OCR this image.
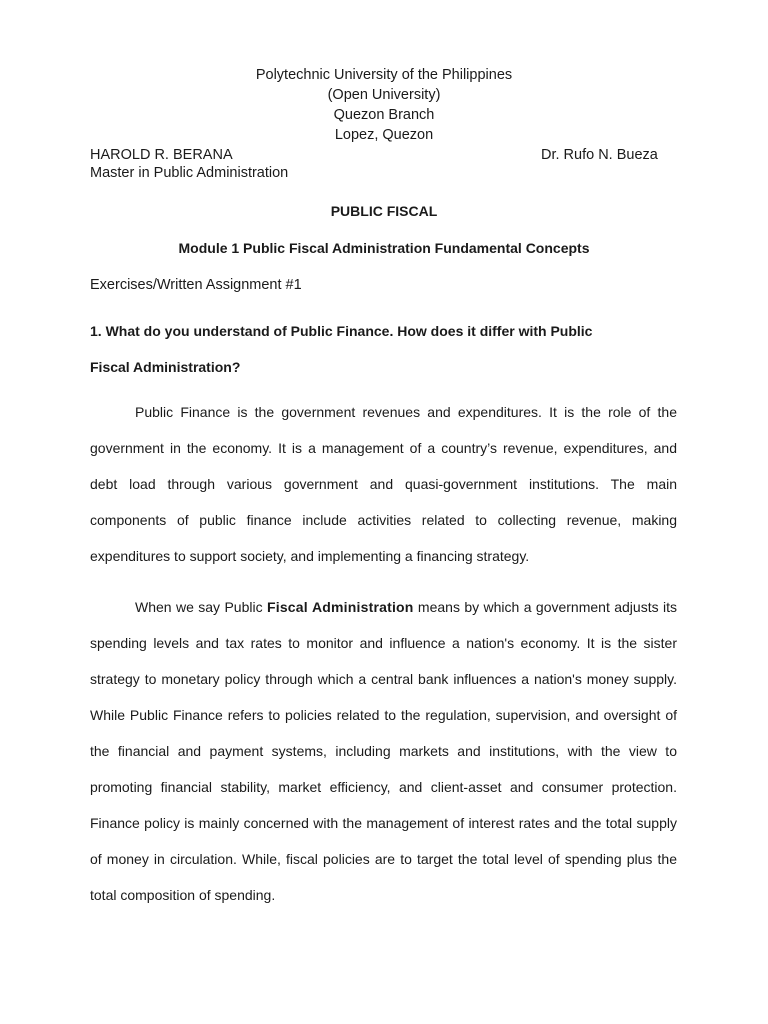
Polytechnic University of the Philippines
(Open University)
Quezon Branch
Lopez, Quezon
HAROLD R. BERANA	Dr. Rufo N. Bueza
Master in Public Administration
PUBLIC FISCAL
Module 1 Public Fiscal Administration Fundamental Concepts
Exercises/Written Assignment #1
1. What do you understand of Public Finance. How does it differ with Public
Fiscal Administration?

Public Finance is the government revenues and expenditures. It is the role of the government in the economy. It is a management of a country’s revenue, expenditures, and debt load through various government and quasi-government institutions. The main components of public finance include activities related to collecting revenue, making expenditures to support society, and implementing a financing strategy.

When we say Public Fiscal Administration means by which a government adjusts its spending levels and tax rates to monitor and influence a nation's economy. It is the sister strategy to monetary policy through which a central bank influences a nation's money supply. While Public Finance refers to policies related to the regulation, supervision, and oversight of the financial and payment systems, including markets and institutions, with the view to promoting financial stability, market efficiency, and client-asset and consumer protection. Finance policy is mainly concerned with the management of interest rates and the total supply of money in circulation. While, fiscal policies are to target the total level of spending plus the total composition of spending.
